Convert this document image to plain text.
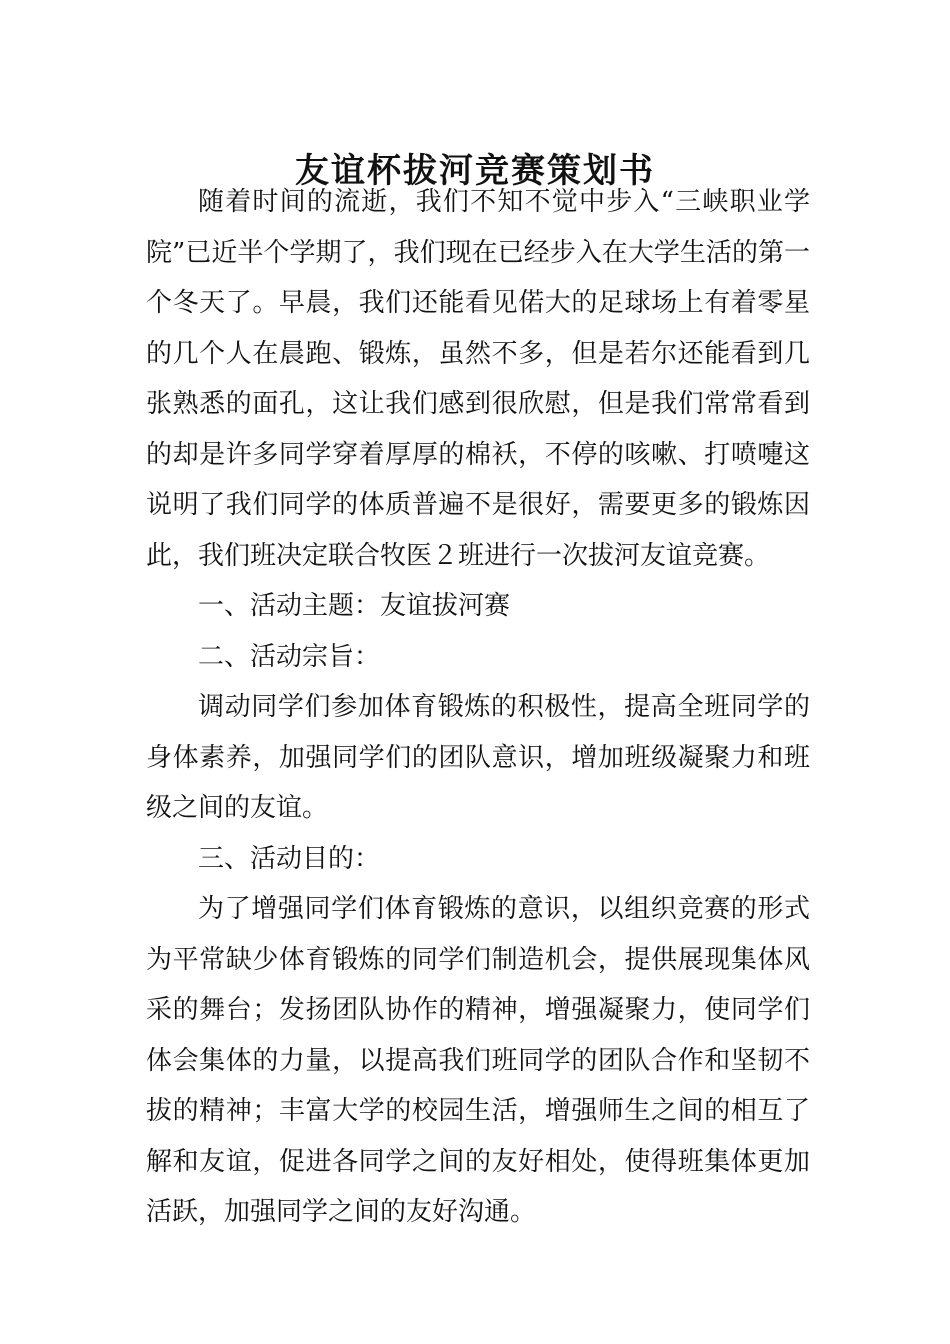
友谊杯拔河竞赛策划书

随着时间的流逝，我们不知不觉中步入“三峡职业学院”已近半个学期了，我们现在已经步入在大学生活的第一个冬天了。早晨，我们还能看见偌大的足球场上有着零星的几个人在晨跑、锻炼，虽然不多，但是若尔还能看到几张熟悉的面孔，这让我们感到很欣慰，但是我们常常看到的却是许多同学穿着厚厚的棉袄，不停的咳嗽、打喷嚏这说明了我们同学的体质普遍不是很好，需要更多的锻炼因此，我们班决定联合牧医２班进行一次拔河友谊竞赛。

一、活动主题：友谊拔河赛

二、活动宗旨：

调动同学们参加体育锻炼的积极性，提高全班同学的身体素养，加强同学们的团队意识，增加班级凝聚力和班级之间的友谊。

三、活动目的：

为了增强同学们体育锻炼的意识，以组织竞赛的形式为平常缺少体育锻炼的同学们制造机会，提供展现集体风采的舞台；发扬团队协作的精神，增强凝聚力，使同学们体会集体的力量，以提高我们班同学的团队合作和坚韧不拔的精神；丰富大学的校园生活，增强师生之间的相互了解和友谊，促进各同学之间的友好相处，使得班集体更加活跃，加强同学之间的友好沟通。
